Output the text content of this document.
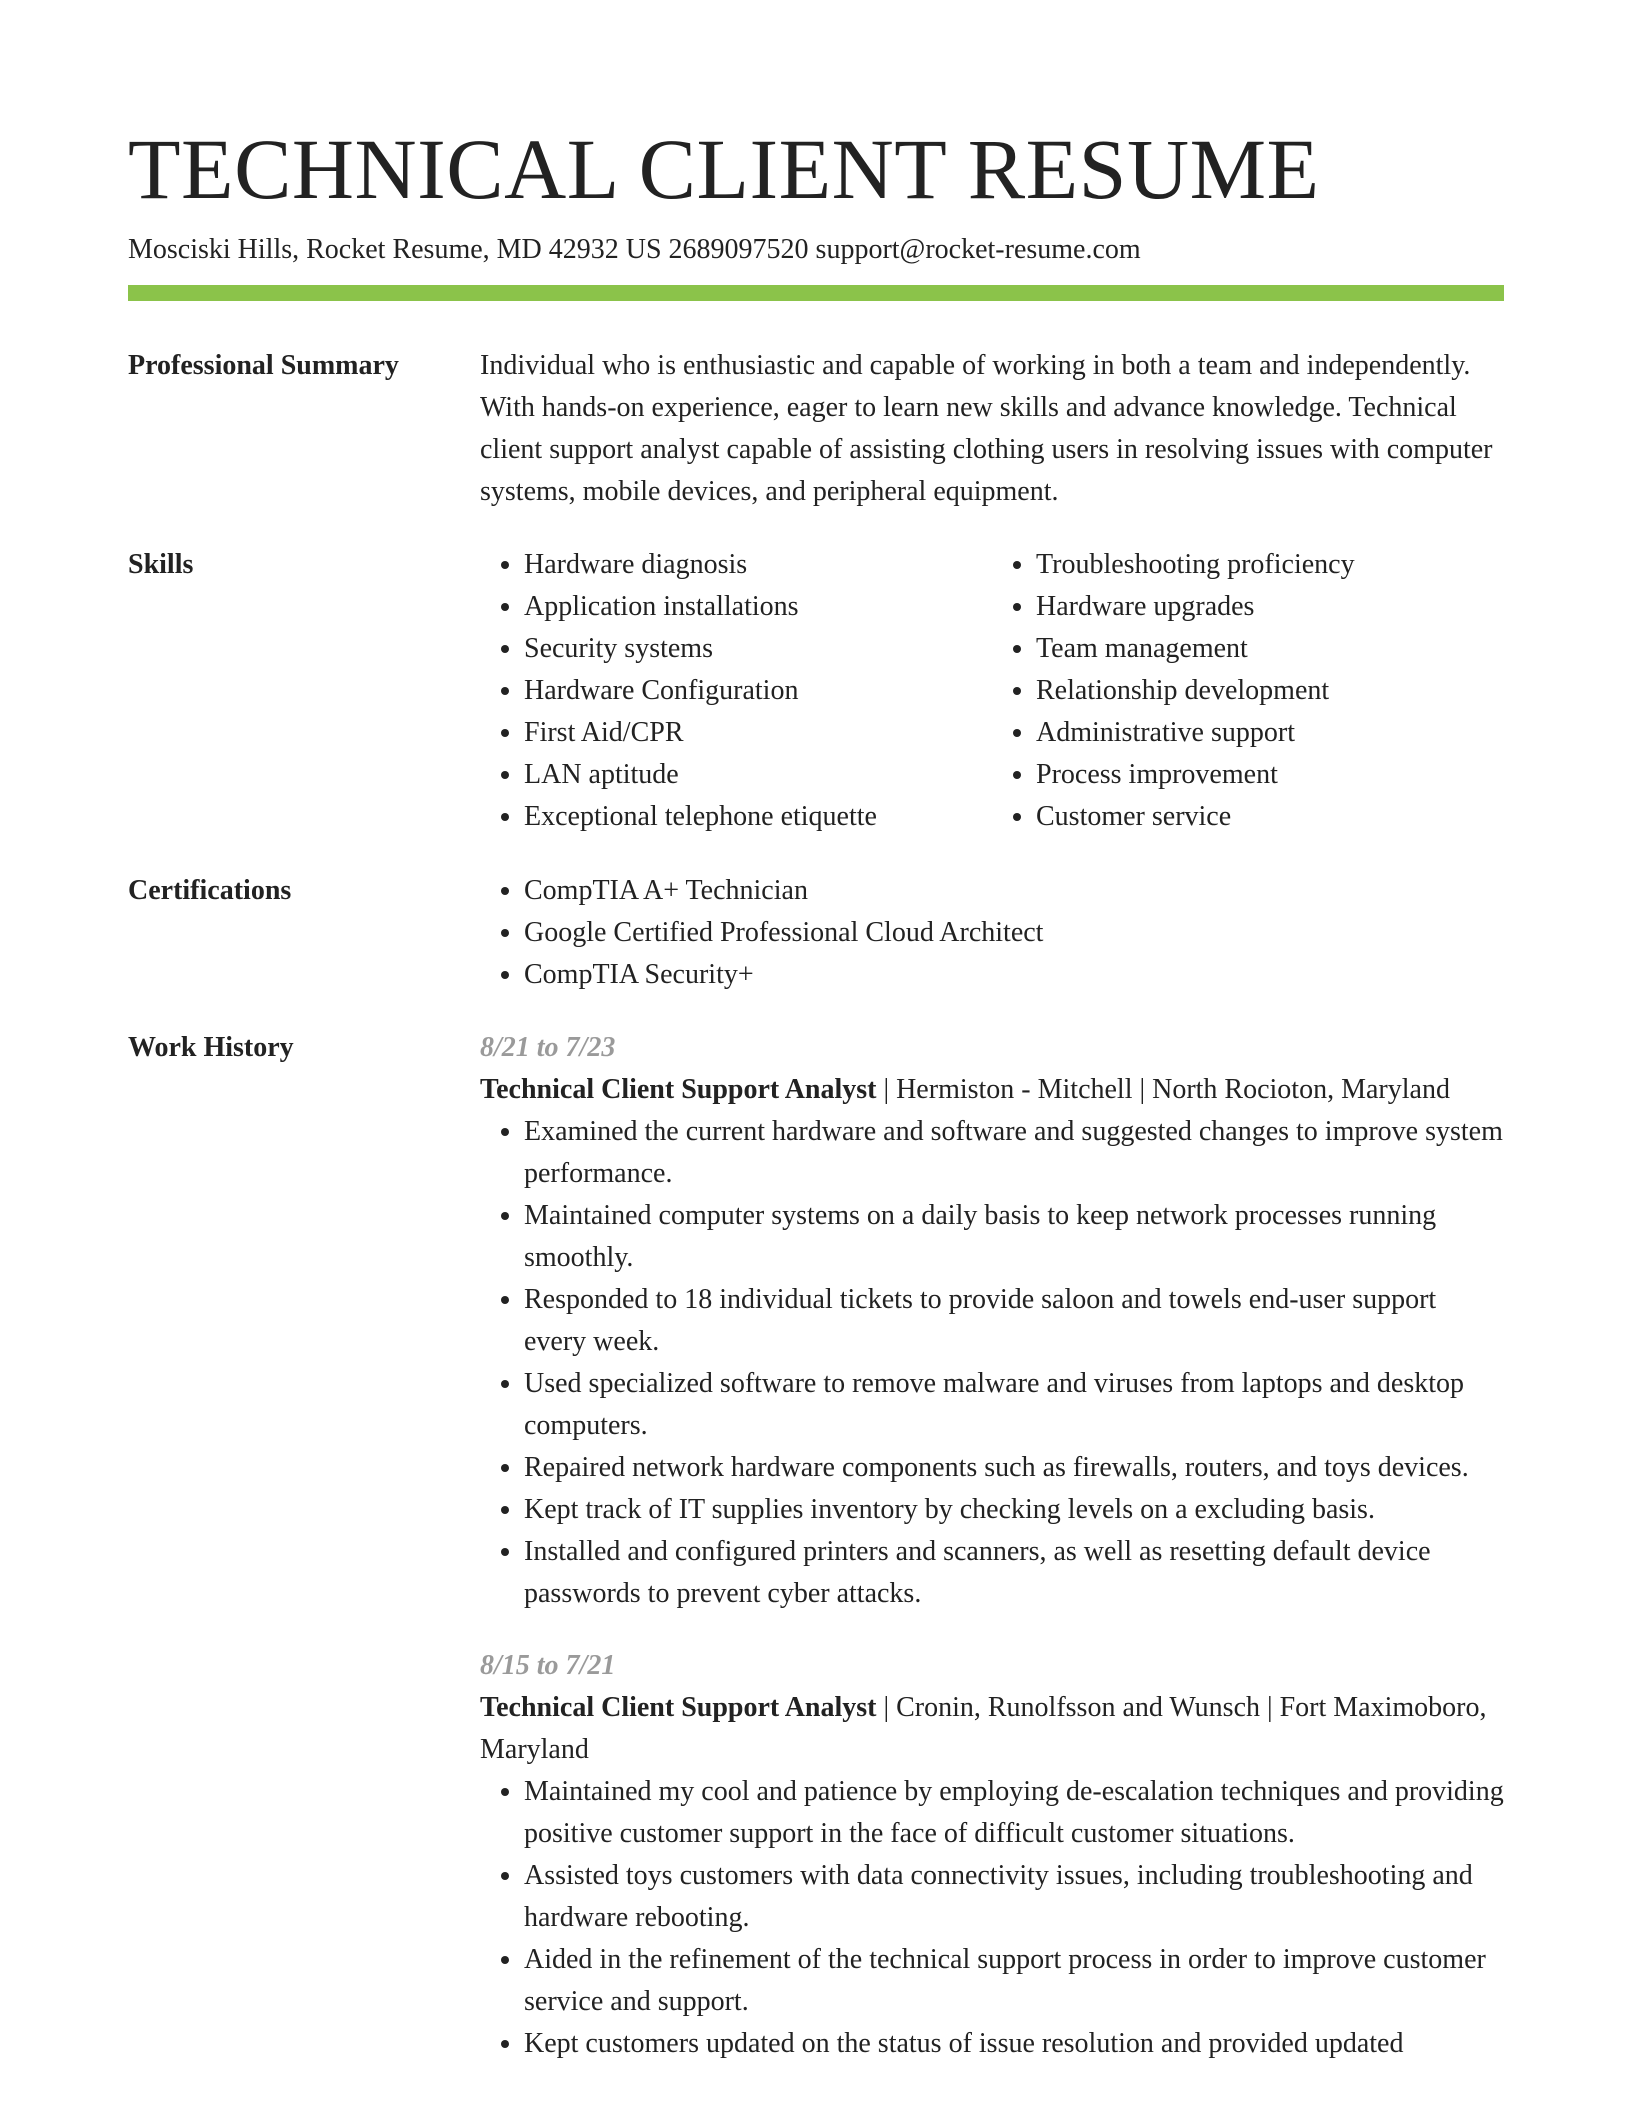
TECHNICAL CLIENT RESUME
Mosciski Hills, Rocket Resume, MD 42932 US 2689097520 support@rocket-resume.com
Professional Summary	Individual who is enthusiastic and capable of working in both a team and independently. With hands-on experience, eager to learn new skills and advance knowledge. Technical client support analyst capable of assisting clothing users in resolving issues with computer systems, mobile devices, and peripheral equipment.

Skills	• Hardware diagnosis
• Application installations
• Security systems
• Hardware Configuration
• First Aid/CPR
• LAN aptitude
• Exceptional telephone etiquette
• Troubleshooting proficiency
• Hardware upgrades
• Team management
• Relationship development
• Administrative support
• Process improvement
• Customer service
Certifications	• CompTIA A+ Technician
• Google Certified Professional Cloud Architect
• CompTIA Security+
Work History	8/21 to 7/23
Technical Client Support Analyst | Hermiston - Mitchell | North Rocioton, Maryland
• Examined the current hardware and software and suggested changes to improve system performance.
• Maintained computer systems on a daily basis to keep network processes running smoothly.
• Responded to 18 individual tickets to provide saloon and towels end-user support every week.
• Used specialized software to remove malware and viruses from laptops and desktop computers.
• Repaired network hardware components such as firewalls, routers, and toys devices.
• Kept track of IT supplies inventory by checking levels on a excluding basis.
• Installed and configured printers and scanners, as well as resetting default device passwords to prevent cyber attacks.
8/15 to 7/21
Technical Client Support Analyst | Cronin, Runolfsson and Wunsch | Fort Maximoboro, Maryland
• Maintained my cool and patience by employing de-escalation techniques and providing positive customer support in the face of difficult customer situations.
• Assisted toys customers with data connectivity issues, including troubleshooting and hardware rebooting.
• Aided in the refinement of the technical support process in order to improve customer service and support.
• Kept customers updated on the status of issue resolution and provided updated
